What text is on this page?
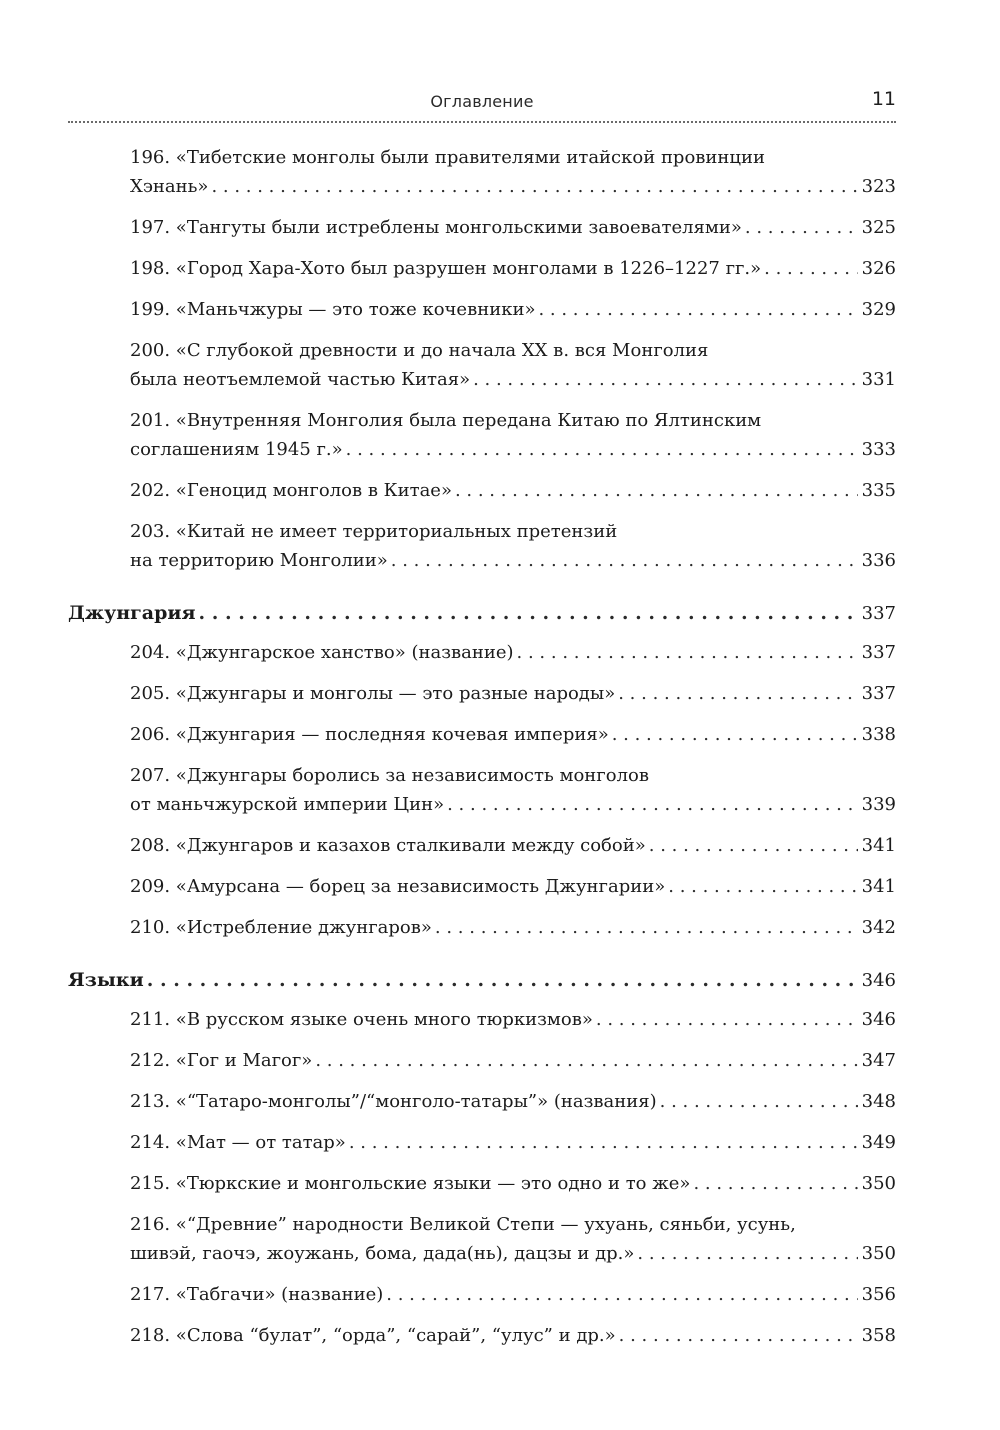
Оглавление	11
196. «Тибетские монголы были правителями итайской провинции
Хэнань» . . .	323
197. «Тангуты были истреблены монгольскими завоевателями» . . .	325
198. «Город Хара-Хото был разрушен монголами в 1226–1227 гг.» . . .	326
199. «Маньчжуры — это тоже кочевники» . . .	329
200. «С глубокой древности и до начала XX в. вся Монголия
была неотъемлемой частью Китая» . . .	331
201. «Внутренняя Монголия была передана Китаю по Ялтинским
соглашениям 1945 г.» . . .	333
202. «Геноцид монголов в Китае» . . .	335
203. «Китай не имеет территориальных претензий
на территорию Монголии» . . .	336
Джунгария . . .	337
204. «Джунгарское ханство» (название) . . .	337
205. «Джунгары и монголы — это разные народы» . . .	337
206. «Джунгария — последняя кочевая империя» . . .	338
207. «Джунгары боролись за независимость монголов
от маньчжурской империи Цин» . . .	339
208. «Джунгаров и казахов сталкивали между собой» . . .	341
209. «Амурсана — борец за независимость Джунгарии» . . .	341
210. «Истребление джунгаров» . . .	342
Языки . . .	346
211. «В русском языке очень много тюркизмов» . . .	346
212. «Гог и Магог» . . .	347
213. «“Татаро-монголы”/“монголо-татары”» (названия) . . .	348
214. «Мат — от татар» . . .	349
215. «Тюркские и монгольские языки — это одно и то же» . . .	350
216. «“Древние” народности Великой Степи — ухуань, сяньби, усунь,
шивэй, гаочэ, жоужань, бома, дада(нь), дацзы и др.» . . .	350
217. «Табгачи» (название) . . .	356
218. «Слова “булат”, “орда”, “сарай”, “улус” и др.» . . .	358
